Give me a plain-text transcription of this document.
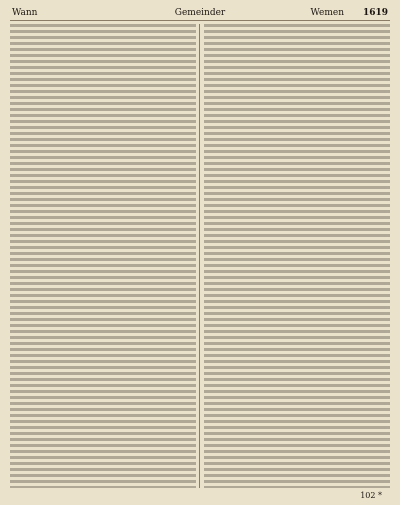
Wann	Gemeinder	Wemen 1619

102 *
